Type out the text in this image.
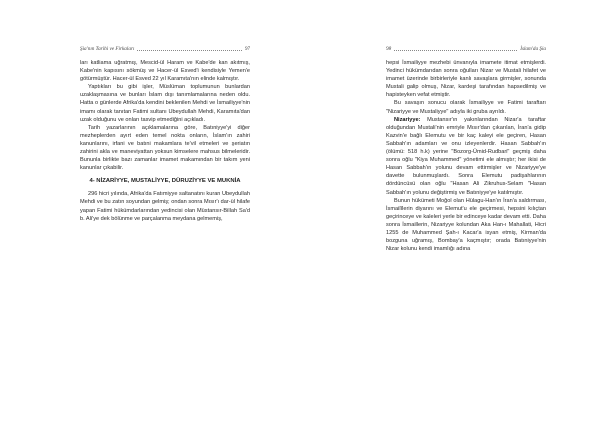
Şia'nın Tarihi ve Firkaları	97

ları katliama uğratmış, Mescid-ül Haram ve Kabe'de kan akıtmış, Kabe'nin kapısını sökmüş ve Hacer-ül Esved'i kendisiyle Yemen'e götürmüştür. Hacer-ül Esved 22 yıl Karamıta'nın elinde kalmıştır.

Yaptıkları bu gibi işler, Müslüman toplumunun bunlardan uzaklaşmasına ve bunları İslam dışı tanımlamalarına neden oldu. Hatta o günlerde Afrika'da kendini beklenilen Mehdi ve İsmailiyye'nin imamı olarak tanıtan Fatimi sultanı Ubeydullah Mehdi, Karamıta'dan uzak olduğunu ve onları tasvip etmediğini açıkladı.

Tarih yazarlarının açıklamalarına göre, Batıniyye'yi diğer mezheplerden ayırt eden temel nokta onların, İslam'ın zahiri kanunlarını, irfani ve batıni makamlara te'vil etmeleri ve şeriatın zahirini akla ve maneviyattan yoksun kimselere mahsus bilmeleridir. Bununla birlikte bazı zamanlar imamet makamından bir takım yeni kanunlar çıkabilir.

4- NİZARİYYE, MUSTALİYYE, DÜRUZİYYE VE MUKNİA

296 hicri yılında, Afrika'da Fatımiyye saltanatını kuran Ubeydullah Mehdi ve bu zatın soyundan gelmiş; ondan sonra Mısır'ı dar-ül hilafe yapan Fatimi hükümdarlarından yedincisi olan Müstansır-Billah Sa'd b. Ali'ye dek bölünme ve parçalanma meydana gelmemiş,

98	İslam'da Şia

hepsi İsmailiyye mezhebi ünvanıyla imamete itimat etmişlerdi. Yedinci hükümdarıdan sonra oğulları Nizar ve Mustali hilafet ve imamet üzerinde birbirleriyle kanlı savaşlara girmişler, sonunda Mustali galip olmuş, Nizar, kardeşi tarafından hapsedilmiş ve hapisteyken vefat etmiştir.

Bu savaşın sonucu olarak İsmailiyye ve Fatimi taraftarı "Nizariyye ve Mustaliyye" adıyla iki gruba ayrıldı.

Nizariyye: Mustansır'ın yakınlarından Nizar'a taraftar olduğundan Mustali'nin emriyle Mısır'dan çıkarılan, İran'a gidip Kazvin'e bağlı Elemutu ve bir kaç kaleyi ele geçiren, Hasan Sabbah'ın adamları ve onu izleyenlerdir. Hasan Sabbah'ın (ölümü: 518 h.k) yerine "Bozorg-Ümid-Rudbari" geçmiş daha sonra oğlu "Kiya Muhammed" yönetimi ele almıştır; her ikisi de Hasan Sabbah'ın yolunu devam ettirmişler ve Nizariyye'ye davette bulunmuşlardı. Sonra Elemutu padişahlarının dördüncüsü olan oğlu "Hasan Ali Zikruhus-Selam "Hasan Sabbah'ın yolunu değiştirmiş ve Batıniyye'ye katılmıştır.

Bunun hükümeti Moğol olan Hülagu-Han'ın İran'a saldırması, İsmailîlerin diyarını ve Elemut'u ele geçirmesi, hepsini kılıçtan geçirinceye ve kaleleri yerle bir edinceye kadar devam etti. Daha sonra İsmaillerin, Nizariyye kolundan Aka Han-ı Mahallati, Hicri 1255 de Muhammed Şah-ı Kacar'a isyan etmiş, Kirman'da bozguna uğramış, Bombay'a kaçmıştır; orada Batıniyye'nin Nizar kolunu kendi imamlığı adına
